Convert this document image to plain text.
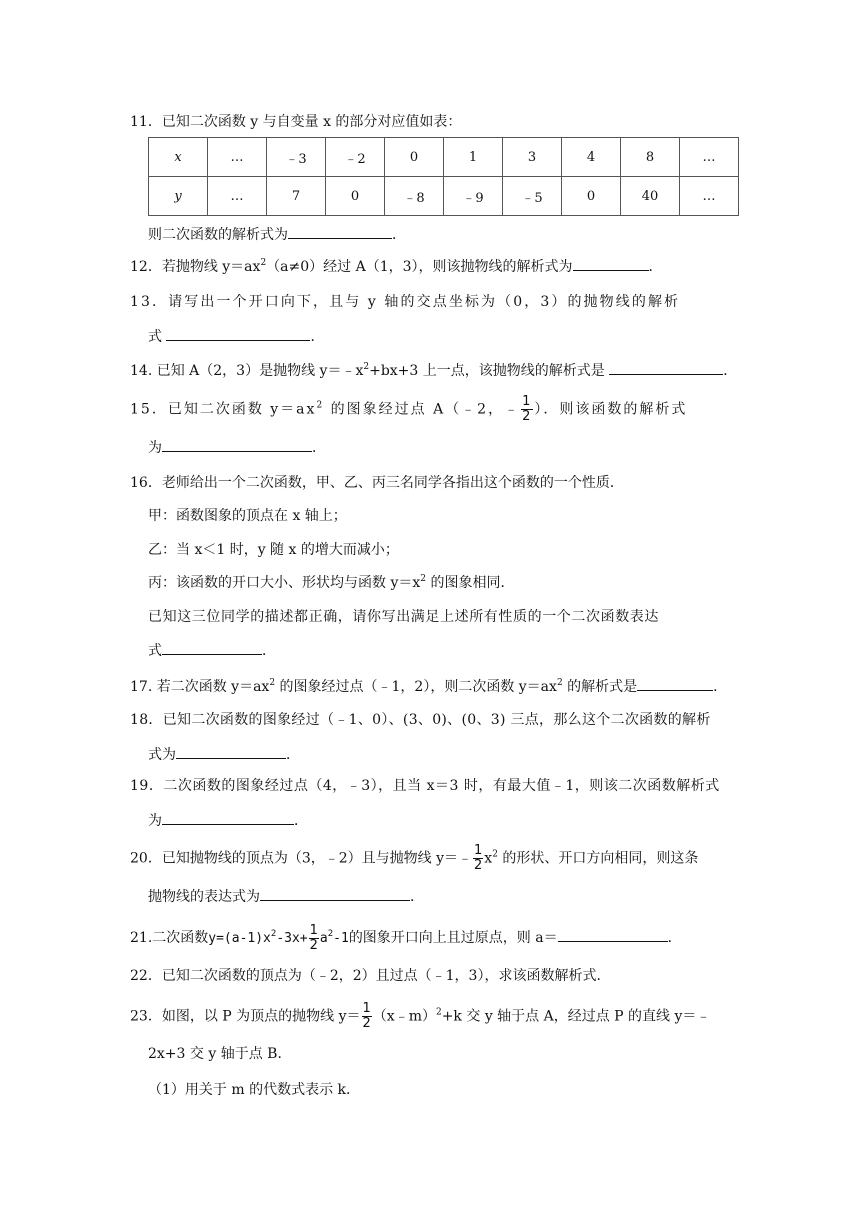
11．已知二次函数 y 与自变量 x 的部分对应值如表：
x	…	﹣3	﹣2	0	1	3	4	8	…
y	…	7	0	﹣8	﹣9	﹣5	0	40	…
则二次函数的解析式为	．
12．若抛物线 $y=ax^2(a\ne 0)$经过 A（1，3），则该抛物线的解析式为	．
13．请写出一个开口向下，且与 y 轴的交点坐标为（0，3）的抛物线的解析
式	．
14. 已知 A（2，3）是抛物线 $y=﹣x^2+bx+3$ 上一点，该抛物线的解析式是	．
15．已知二次函数 $y=ax^2$ 的图象经过点 A（﹣2，﹣ $\frac{1}{2}$ ）．则该函数的解析式
为	．
16．老师给出一个二次函数，甲、乙、丙三名同学各指出这个函数的一个性质．
甲：函数图象的顶点在 x 轴上；
乙：当 x＜1 时，y 随 x 的增大而减小；
丙：该函数的开口大小、形状均与函数 $y=x^2$ 的图象相同．
已知这三位同学的描述都正确，请你写出满足上述所有性质的一个二次函数表达
式	．
17. 若二次函数 $y=ax^2$ 的图象经过点（﹣1，2），则二次函数 $y=ax^2$ 的解析式是	．
18．已知二次函数的图象经过（﹣1、0）、(3、0)、(0、3) 三点，那么这个二次函数的解析
式为	．
19．二次函数的图象经过点（4，﹣3），且当 x＝3 时，有最大值﹣1，则该二次函数解析式
为	．
20．已知抛物线的顶点为（3，﹣2）且与抛物线 y＝﹣ $\frac{1}{2} x^2$ 的形状、开口方向相同，则这条
抛物线的表达式为	．
21.二次函数$y=(a-1)x^2-3x+ \frac{1}{2} a^2-1$的图象开口向上且过原点，则 a＝	．
22．已知二次函数的顶点为（﹣2，2）且过点（﹣1，3），求该函数解析式．
23．如图，以 P 为顶点的抛物线 $y= \frac{1}{2}$ （x﹣m）$^2$+k 交 y 轴于点 A，经过点 P 的直线 y＝﹣
2x+3 交 y 轴于点 B．
（1）用关于 m 的代数式表示 k．
